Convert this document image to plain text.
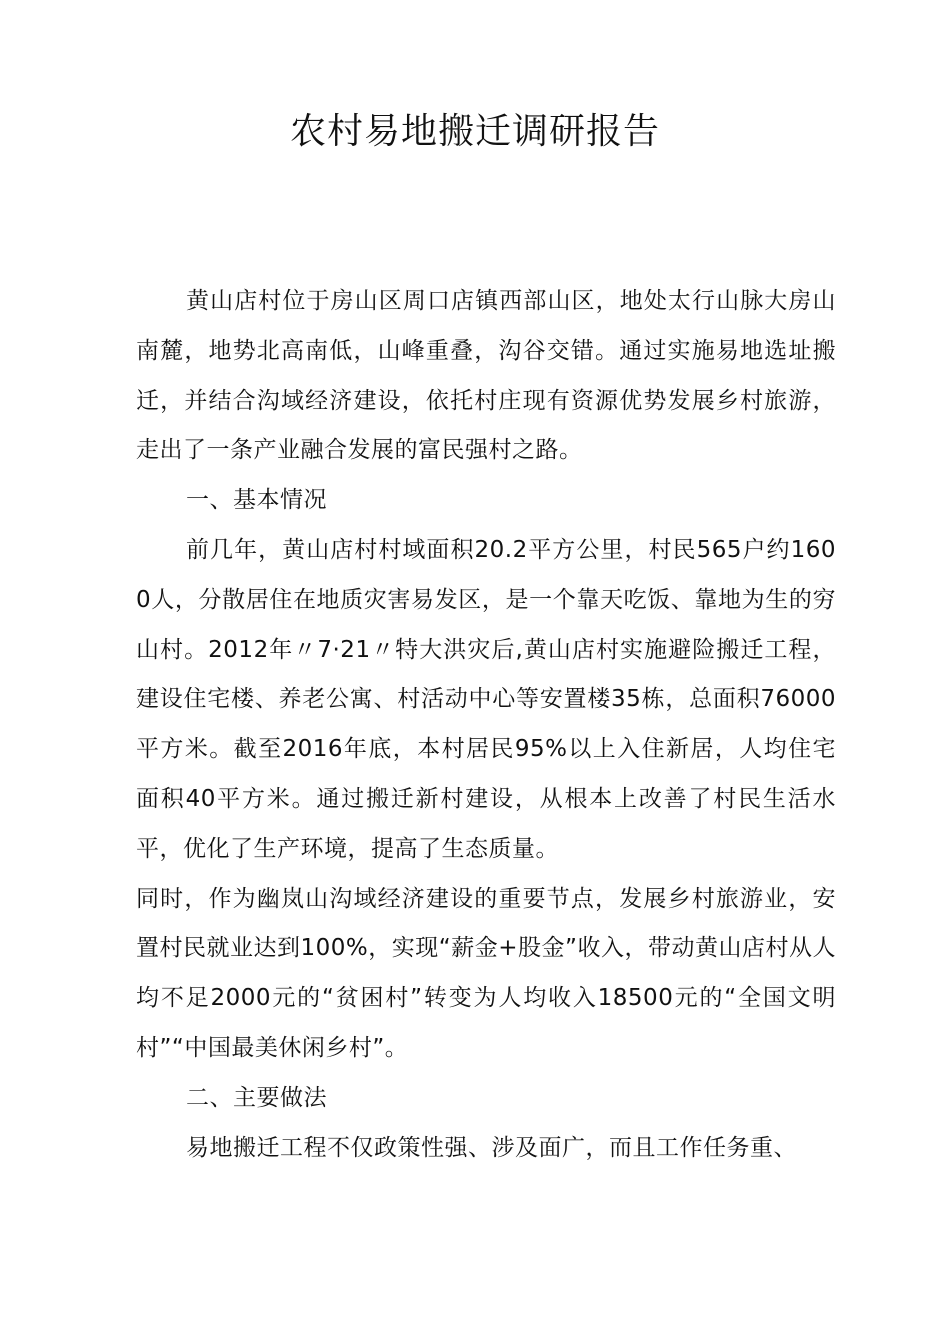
农村易地搬迁调研报告

黄山店村位于房山区周口店镇西部山区，地处太行山脉大房山南麓，地势北高南低，山峰重叠，沟谷交错。通过实施易地选址搬迁，并结合沟域经济建设，依托村庄现有资源优势发展乡村旅游，走出了一条产业融合发展的富民强村之路。

一、基本情况

前几年，黄山店村村域面积20.2平方公里，村民565户约1600人，分散居住在地质灾害易发区，是一个靠天吃饭、靠地为生的穷山村。2012年〃7·21〃特大洪灾后,黄山店村实施避险搬迁工程，建设住宅楼、养老公寓、村活动中心等安置楼35栋，总面积76000平方米。截至2016年底，本村居民95%以上入住新居，人均住宅面积40平方米。通过搬迁新村建设，从根本上改善了村民生活水平，优化了生产环境，提高了生态质量。

同时，作为幽岚山沟域经济建设的重要节点，发展乡村旅游业，安置村民就业达到100%，实现“薪金+股金”收入，带动黄山店村从人均不足2000元的“贫困村”转变为人均收入18500元的“全国文明村”“中国最美休闲乡村”。

二、主要做法

易地搬迁工程不仅政策性强、涉及面广，而且工作任务重、
